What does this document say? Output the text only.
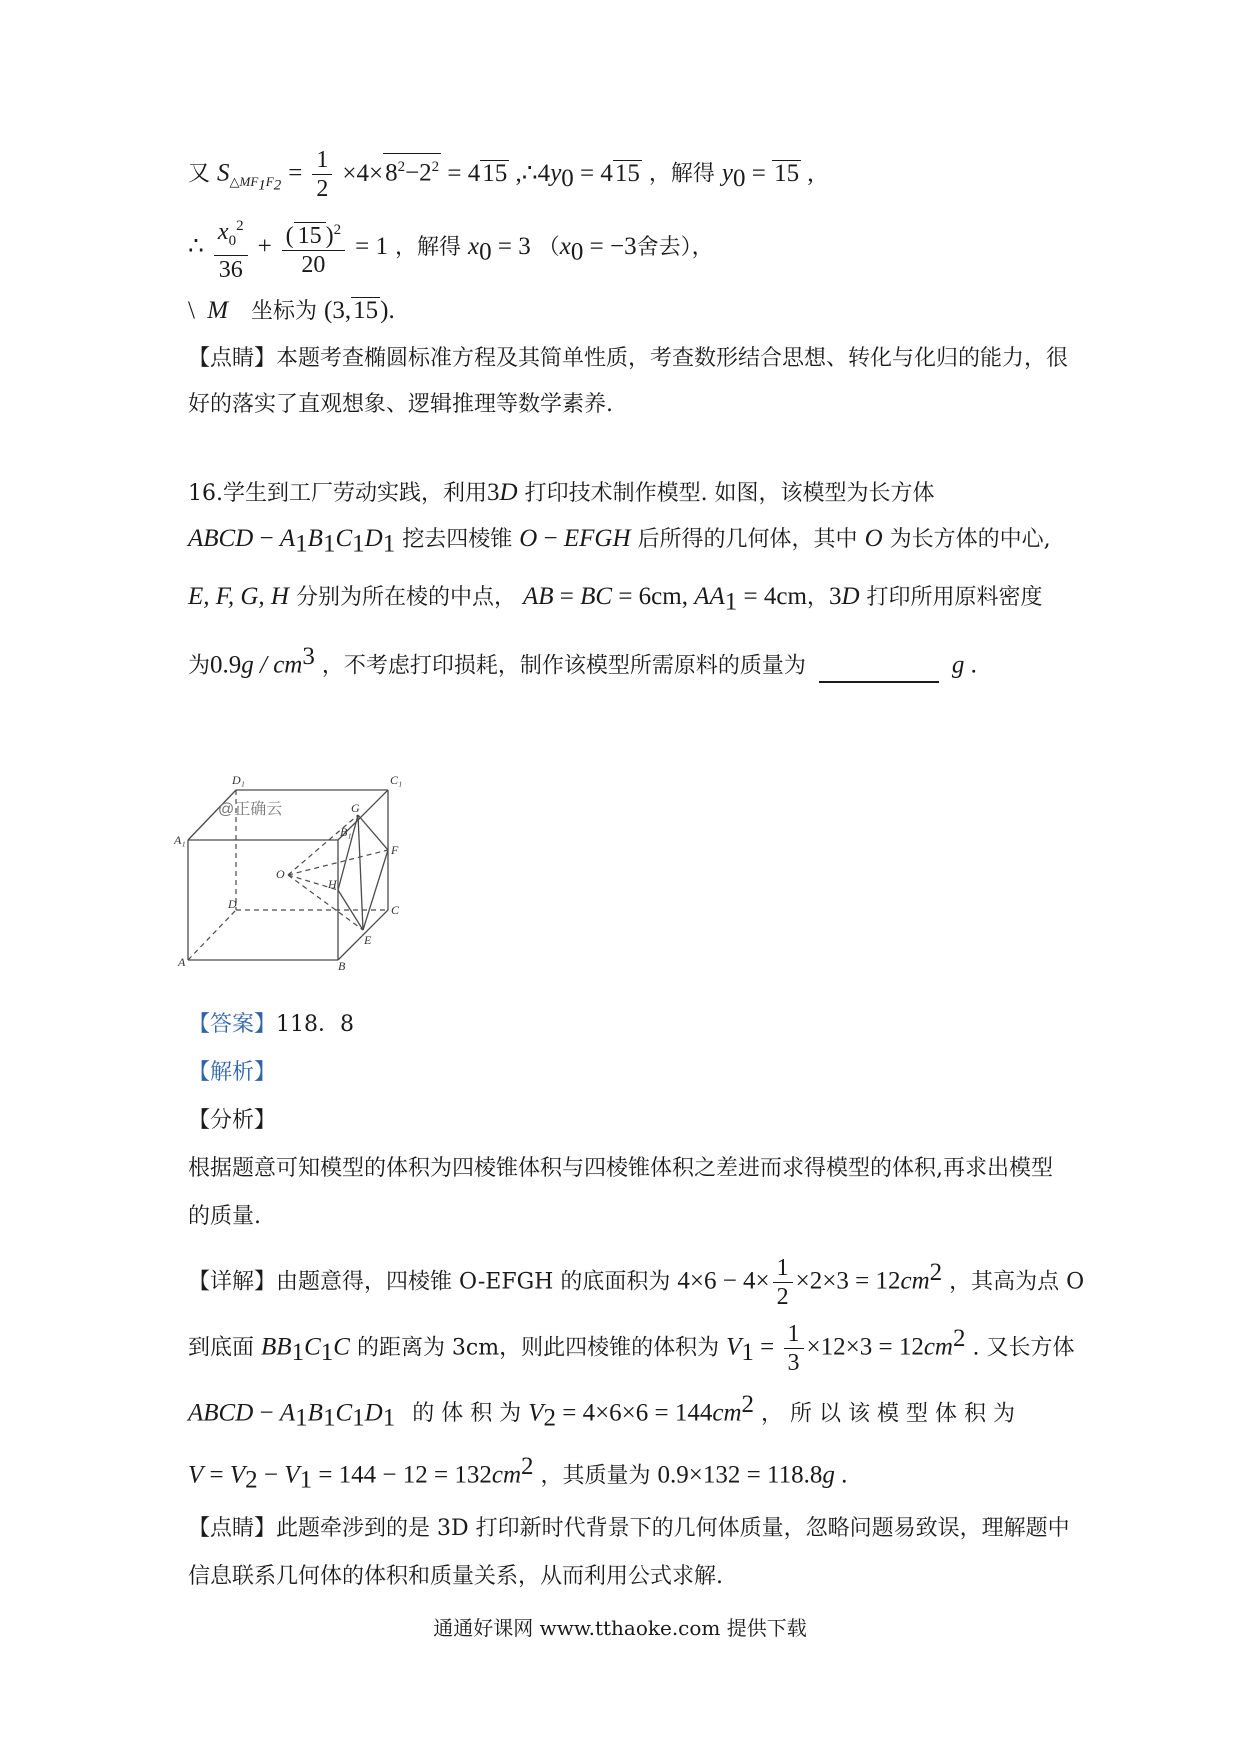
又 $S_{\triangle MF_1F_2} = \frac{1}{2} \times 4\times 8^2-2^2 = 415$ $,\therefore 4y_0 = 415$ ，解得 $y_0 = 15$ ,
∴ $\frac{x_0^2}{36} + \frac{( 15 )^2}{20} = 1$ ，解得 $x_0 = 3$ （$x_0 = -3$舍去），
\ M 坐标为 (3,15).
【点睛】本题考查椭圆标准方程及其简单性质，考查数形结合思想、转化与化归的能力，很
好的落实了直观想象、逻辑推理等数学素养.
16.学生到工厂劳动实践，利用3D 打印技术制作模型. 如图，该模型为长方体
ABCD − $A_1B_1C_1D_1$ 挖去四棱锥 O − EFGH 后所得的几何体，其中 O 为长方体的中心,
E, F, G, H 分别为所在棱的中点， AB = BC = 6cm, $AA_1 = 4cm$，3D 打印所用原料密度
为$0.9g / cm^3$ ，不考虑打印损耗，制作该模型所需原料的质量为	g .
D₁	C₁
A₁
G
B₁
F
O
H
D	C
E
A	B
@正确云
【答案】118．8
【解析】
【分析】
根据题意可知模型的体积为四棱锥体积与四棱锥体积之差进而求得模型的体积,再求出模型
的质量.
【详解】由题意得，四棱锥 O-EFGH 的底面积为 $4\times 6 - 4\times \frac{1}{2} \times 2\times 3 = 12cm^2$ ，其高为点 O
到底面 $BB_1C_1C$ 的距离为 3cm，则此四棱锥的体积为 $V_1 = \frac{1}{3} \times 12\times 3 = 12cm^2$ . 又长方体
ABCD − $A_1B_1C_1D_1$ 的 体 积 为 $V_2 = 4\times 6\times 6 = 144cm^2$ ， 所 以 该 模 型 体 积 为
$V = V_2 - V_1 = 144 - 12 = 132cm^2$ ，其质量为 0.9×132 = 118.8g .
【点睛】此题牵涉到的是 3D 打印新时代背景下的几何体质量，忽略问题易致误，理解题中
信息联系几何体的体积和质量关系，从而利用公式求解.
通通好课网 www.tthaoke.com 提供下载
